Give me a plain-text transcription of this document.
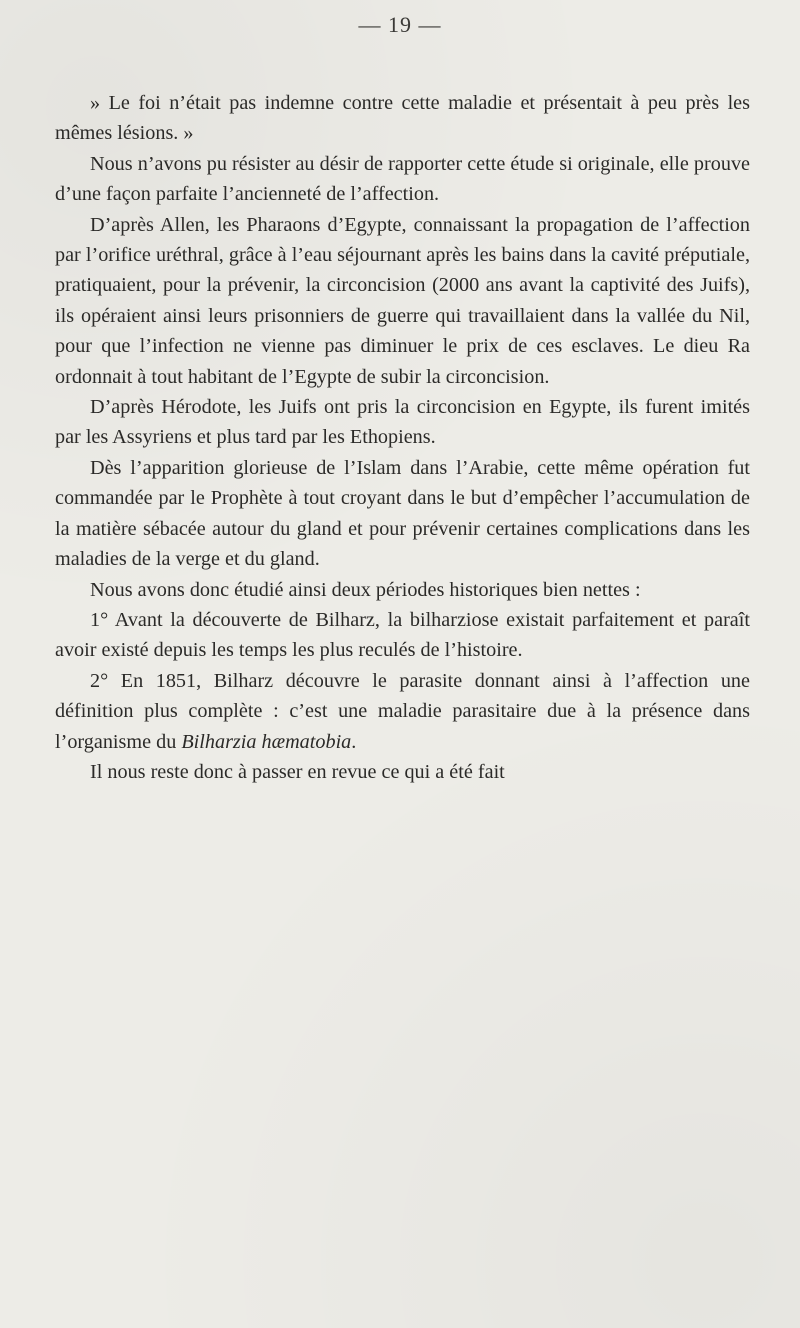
— 19 —

» Le foi n’était pas indemne contre cette maladie et présentait à peu près les mêmes lésions. »

Nous n’avons pu résister au désir de rapporter cette étude si originale, elle prouve d’une façon parfaite l’ancienneté de l’affection.

D’après Allen, les Pharaons d’Egypte, connaissant la propagation de l’affection par l’orifice uréthral, grâce à l’eau séjournant après les bains dans la cavité préputiale, pratiquaient, pour la prévenir, la circoncision (2000 ans avant la captivité des Juifs), ils opéraient ainsi leurs prisonniers de guerre qui travaillaient dans la vallée du Nil, pour que l’infection ne vienne pas diminuer le prix de ces esclaves. Le dieu Ra ordonnait à tout habitant de l’Egypte de subir la circoncision.

D’après Hérodote, les Juifs ont pris la circoncision en Egypte, ils furent imités par les Assyriens et plus tard par les Ethopiens.

Dès l’apparition glorieuse de l’Islam dans l’Arabie, cette même opération fut commandée par le Prophète à tout croyant dans le but d’empêcher l’accumulation de la matière sébacée autour du gland et pour prévenir certaines complications dans les maladies de la verge et du gland.

Nous avons donc étudié ainsi deux périodes historiques bien nettes :

1° Avant la découverte de Bilharz, la bilharziose existait parfaitement et paraît avoir existé depuis les temps les plus reculés de l’histoire.

2° En 1851, Bilharz découvre le parasite donnant ainsi à l’affection une définition plus complète : c’est une maladie parasitaire due à la présence dans l’organisme du Bilharzia hæmatobia.

Il nous reste donc à passer en revue ce qui a été fait
